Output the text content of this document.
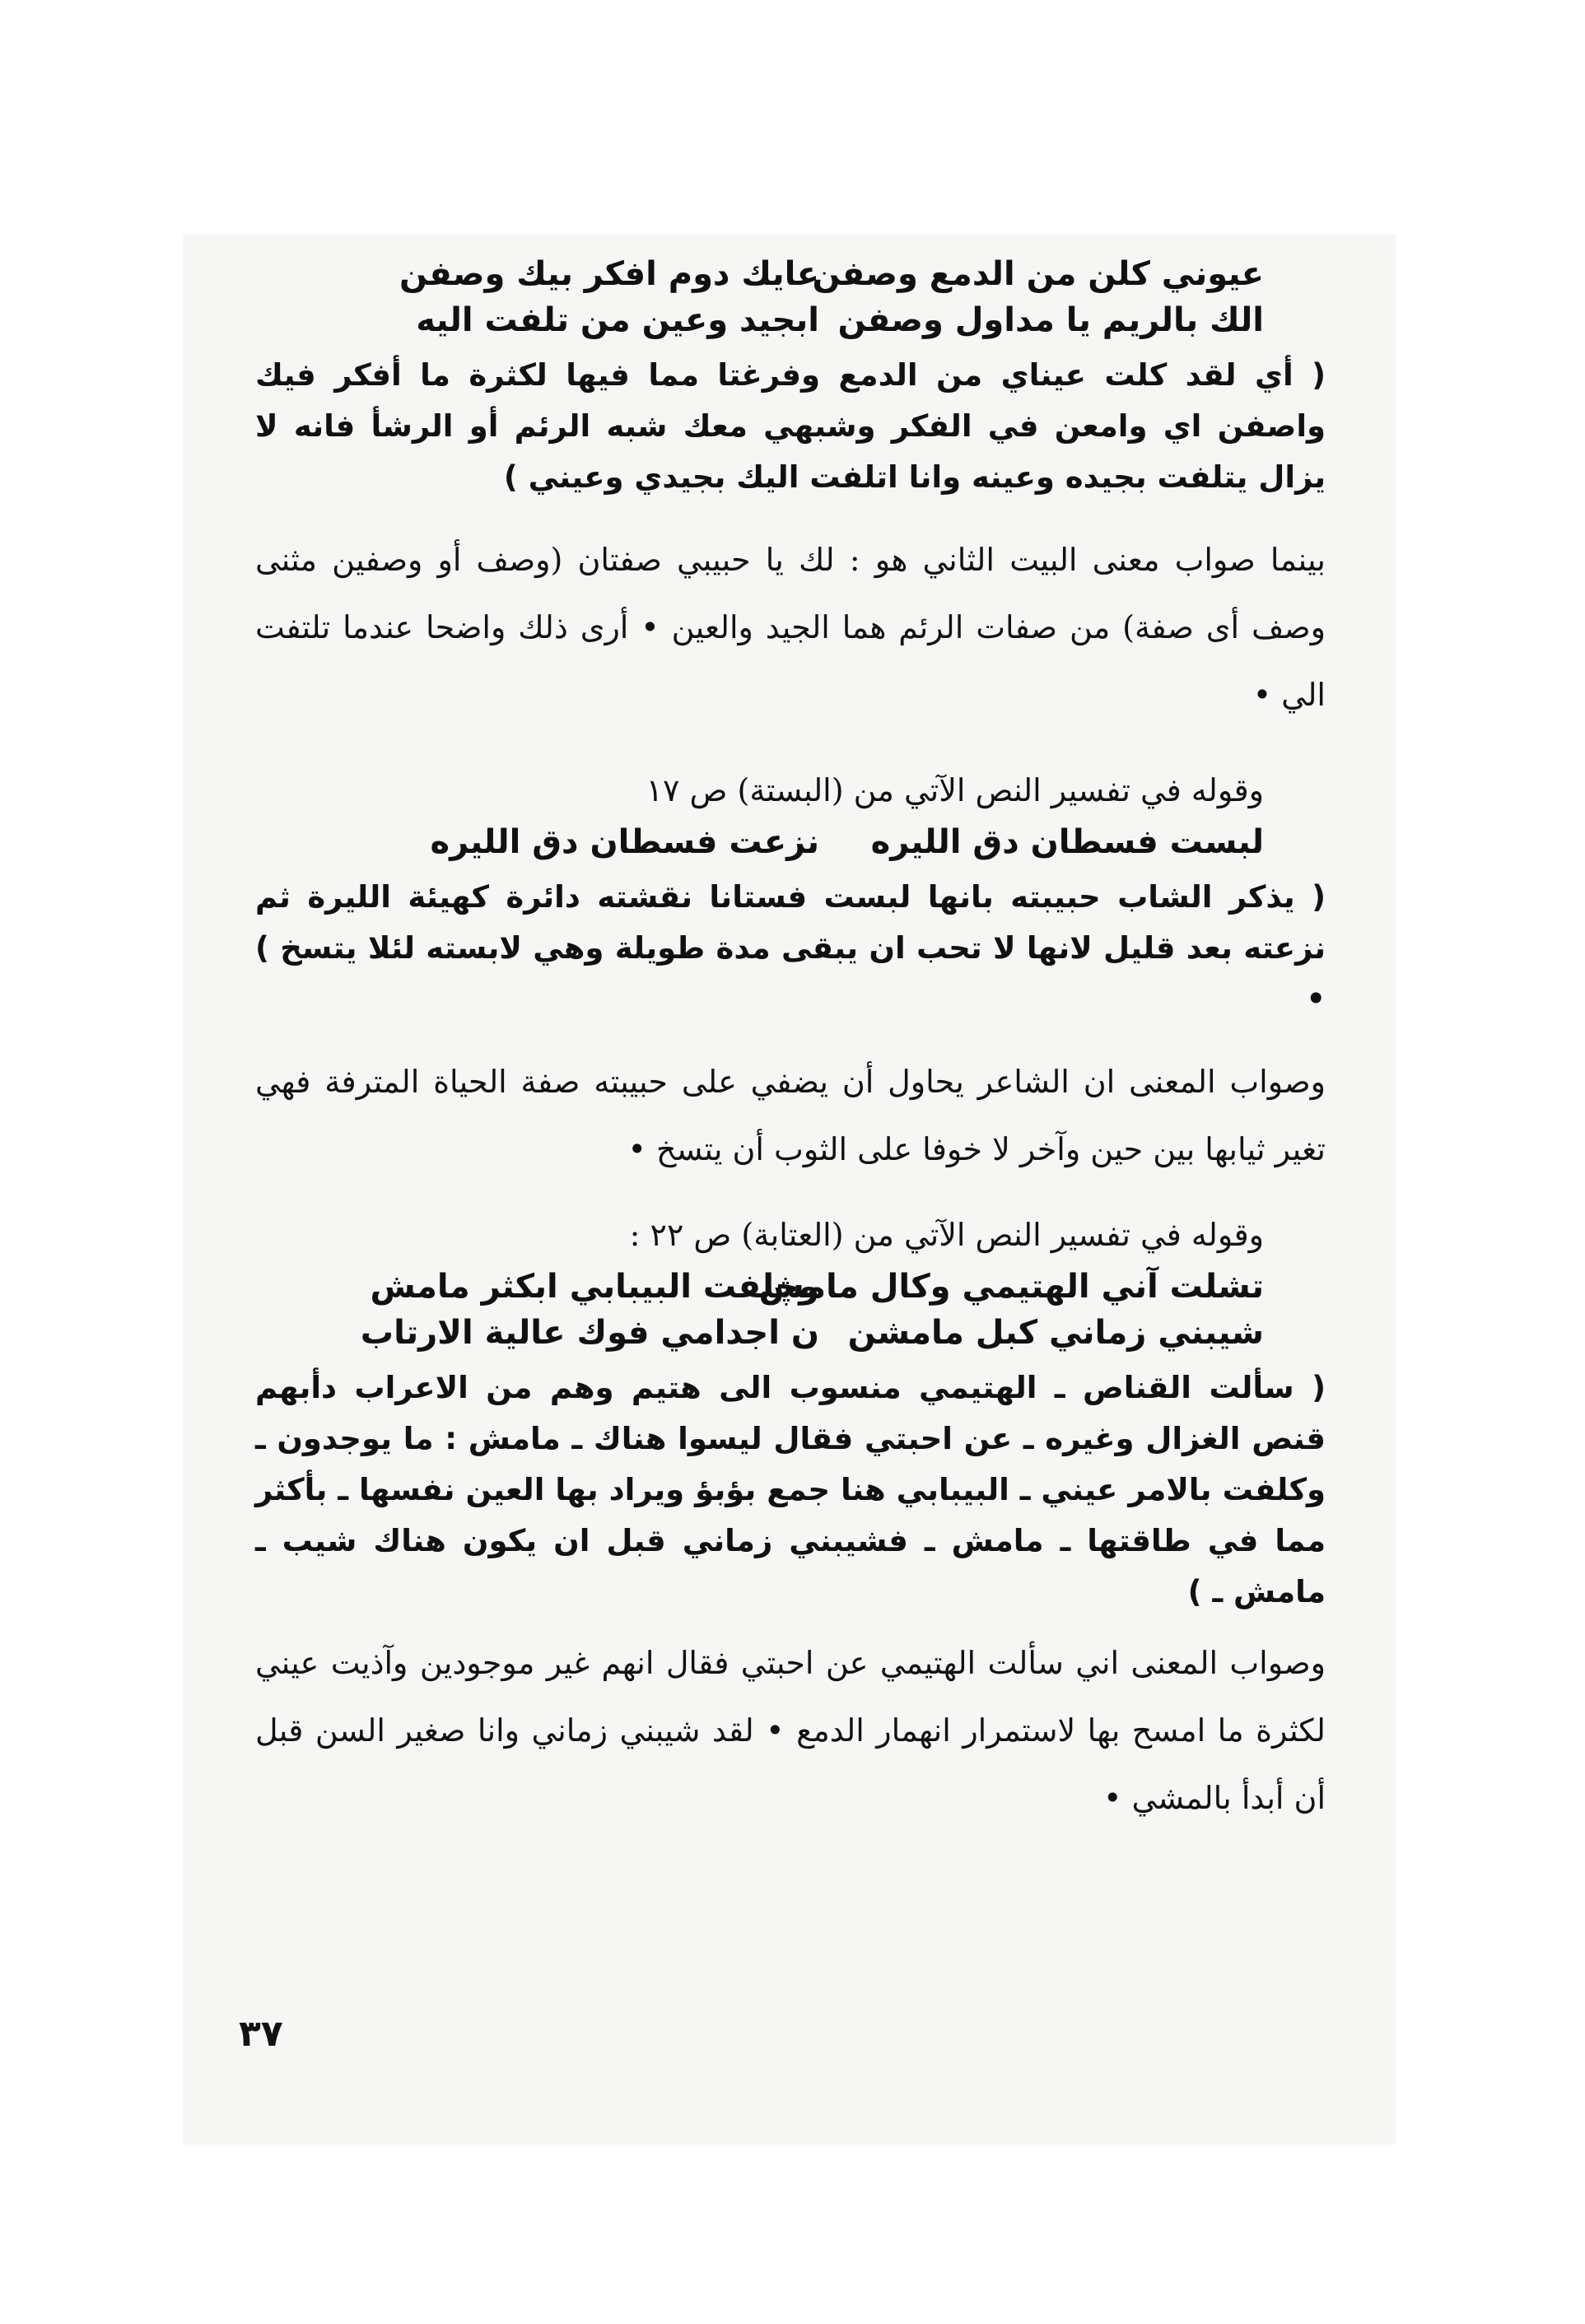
عيوني كلن من الدمع وصفن
عايك دوم افكر بيك وصفن
الك بالريم يا مداول وصفن
ابجيد وعين من تلفت اليه

( أي لقد كلت عيناي من الدمع وفرغتا مما فيها لكثرة ما أفكر فيك واصفن اي وامعن في الفكر وشبهي معك شبه الرئم أو الرشأ فانه لا يزال يتلفت بجيده وعينه وانا اتلفت اليك بجيدي وعيني )

بينما صواب معنى البيت الثاني هو : لك يا حبيبي صفتان (وصف أو وصفين مثنى وصف أى صفة) من صفات الرئم هما الجيد والعين • أرى ذلك واضحا عندما تلتفت الي •

وقوله في تفسير النص الآتي من (البستة) ص ١٧

لبست فسطان دق الليره
نزعت فسطان دق الليره

( يذكر الشاب حبيبته بانها لبست فستانا نقشته دائرة كهيئة الليرة ثم نزعته بعد قليل لانها لا تحب ان يبقى مدة طويلة وهي لابسته لئلا يتسخ ) •

وصواب المعنى ان الشاعر يحاول أن يضفي على حبيبته صفة الحياة المترفة فهي تغير ثيابها بين حين وآخر لا خوفا على الثوب أن يتسخ •

وقوله في تفسير النص الآتي من (العتابة) ص ٢٢ :

تشلت آني الهتيمي وكال مامش
وچلفت البيبابي ابكثر مامش
شيبني زماني كبل مامشن
ن اجدامي فوك عالية الارتاب

( سألت القناص ـ الهتيمي منسوب الى هتيم وهم من الاعراب دأبهم قنص الغزال وغيره ـ عن احبتي فقال ليسوا هناك ـ مامش : ما يوجدون ـ وكلفت بالامر عيني ـ البيبابي هنا جمع بؤبؤ ويراد بها العين نفسها ـ بأكثر مما في طاقتها ـ مامش ـ فشيبني زماني قبل ان يكون هناك شيب ـ مامش ـ )

وصواب المعنى اني سألت الهتيمي عن احبتي فقال انهم غير موجودين وآذيت عيني لكثرة ما امسح بها لاستمرار انهمار الدمع • لقد شيبني زماني وانا صغير السن قبل أن أبدأ بالمشي •

٣٧
